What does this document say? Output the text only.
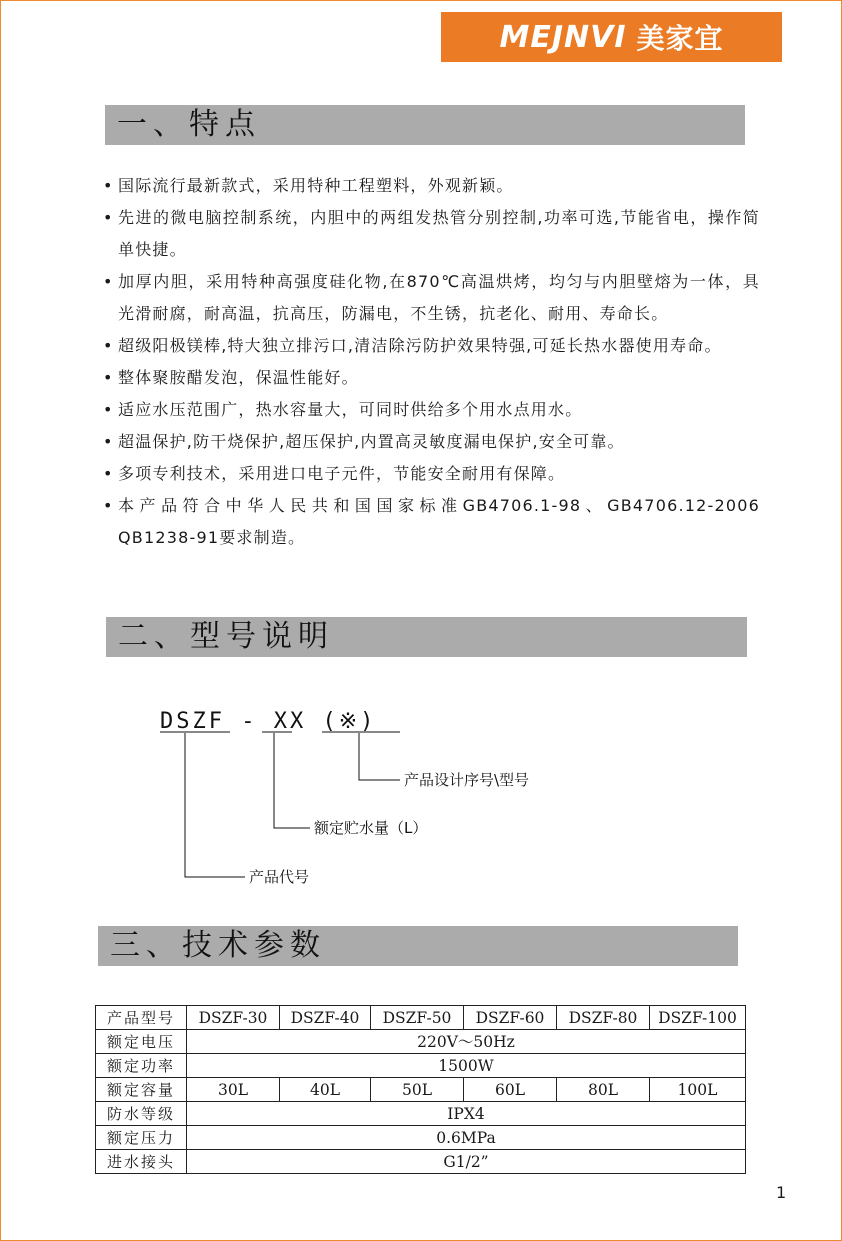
MEJNVI 美家宜
一、特点
• 国际流行最新款式，采用特种工程塑料，外观新颖。
• 先进的微电脑控制系统，内胆中的两组发热管分别控制,功率可选,节能省电，操作简单快捷。
• 加厚内胆，采用特种高强度硅化物,在870℃高温烘烤，均匀与内胆壁熔为一体，具光滑耐腐，耐高温，抗高压，防漏电，不生锈，抗老化、耐用、寿命长。
• 超级阳极镁棒,特大独立排污口,清洁除污防护效果特强,可延长热水器使用寿命。
• 整体聚胺醋发泡，保温性能好。
• 适应水压范围广，热水容量大，可同时供给多个用水点用水。
• 超温保护,防干烧保护,超压保护,内置高灵敏度漏电保护,安全可靠。
• 多项专利技术，采用进口电子元件，节能安全耐用有保障。
• 本产品符合中华人民共和国国家标准GB4706.1-98、GB4706.12-2006 QB1238-91要求制造。
二、型号说明
DSZF - XX (※)
产品设计序号\型号
额定贮水量（L）
产品代号
三、技术参数
产品型号	DSZF-30	DSZF-40	DSZF-50	DSZF-60	DSZF-80	DSZF-100
额定电压	220V～50Hz					
额定功率	1500W					
额定容量	30L	40L	50L	60L	80L	100L
防水等级	IPX4					
额定压力	0.6MPa					
进水接头	G1/2”					
1
